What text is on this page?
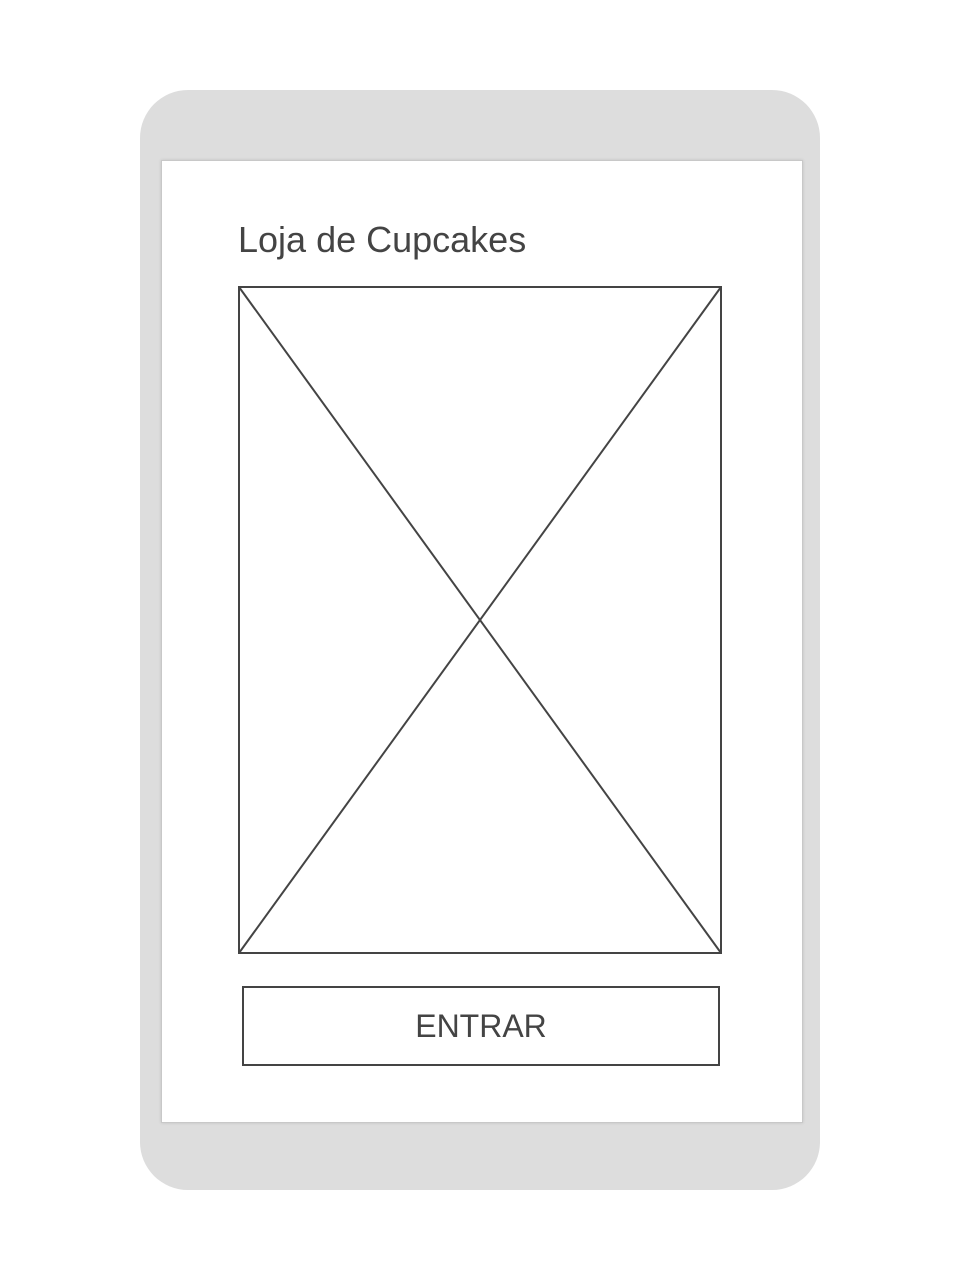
Loja de Cupcakes
ENTRAR
